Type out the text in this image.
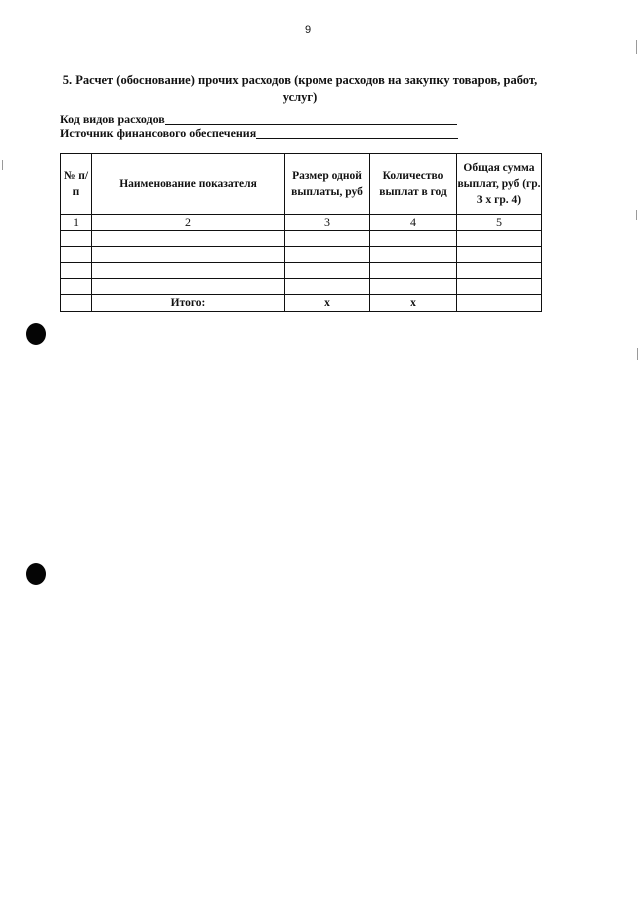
9
5. Расчет (обоснование) прочих расходов (кроме расходов на закупку товаров, работ, услуг)
Код видов расходов
Источник финансового обеспечения
№ п/п	Наименование показателя	Размер одной выплаты, руб	Количество выплат в год	Общая сумма выплат, руб (гр. 3 х гр. 4)
1	2	3	4	5

	Итого:	х	х	
